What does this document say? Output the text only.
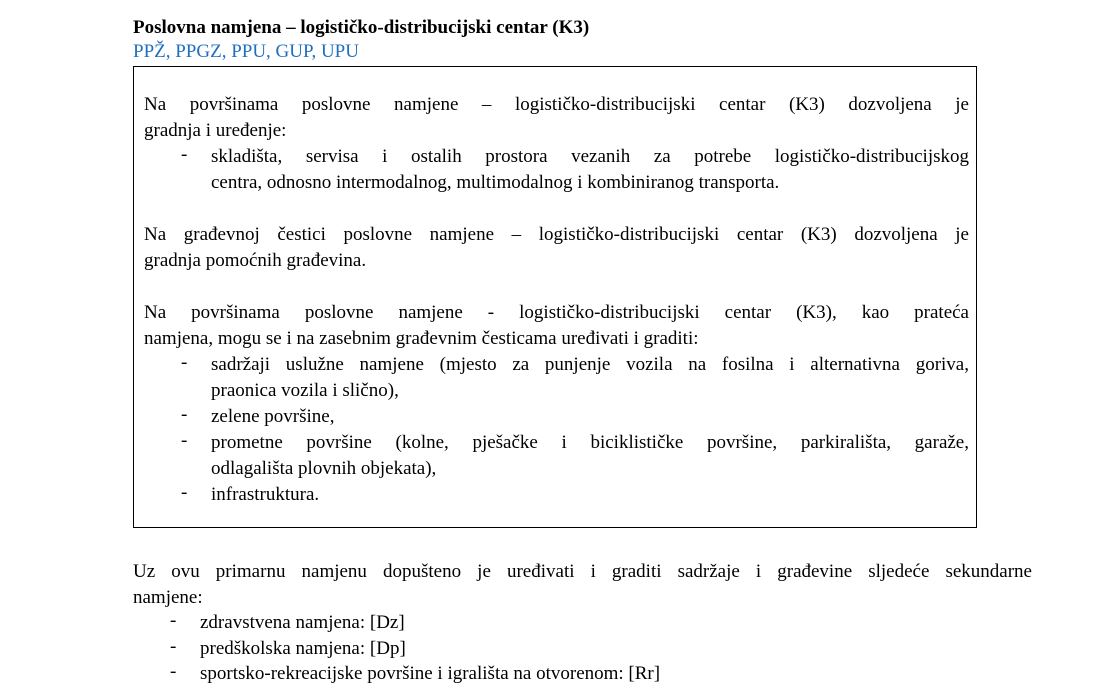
Poslovna namjena – logističko-distribucijski centar (K3)
PPŽ, PPGZ, PPU, GUP, UPU
Na površinama poslovne namjene – logističko-distribucijski centar (K3) dozvoljena je
gradnja i uređenje:
- skladišta, servisa i ostalih prostora vezanih za potrebe logističko-distribucijskog
centra, odnosno intermodalnog, multimodalnog i kombiniranog transporta.
Na građevnoj čestici poslovne namjene – logističko-distribucijski centar (K3) dozvoljena je
gradnja pomoćnih građevina.
Na površinama poslovne namjene - logističko-distribucijski centar (K3), kao prateća
namjena, mogu se i na zasebnim građevnim česticama uređivati i graditi:
- sadržaji uslužne namjene (mjesto za punjenje vozila na fosilna i alternativna goriva,
praonica vozila i slično),
- zelene površine,
- prometne površine (kolne, pješačke i biciklističke površine, parkirališta, garaže,
odlagališta plovnih objekata),
- infrastruktura.
Uz ovu primarnu namjenu dopušteno je uređivati i graditi sadržaje i građevine sljedeće sekundarne
namjene:
- zdravstvena namjena: [Dz]
- predškolska namjena: [Dp]
- sportsko-rekreacijske površine i igrališta na otvorenom: [Rr]
